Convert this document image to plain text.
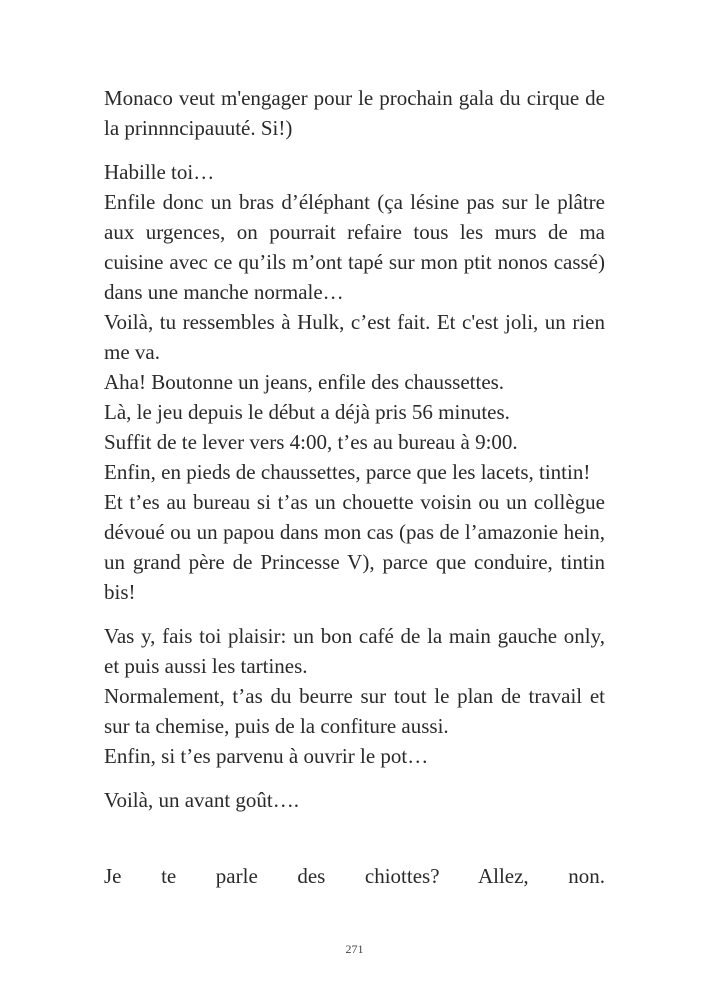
Monaco veut m'engager pour le prochain gala du cirque de la prinnncipauuté. Si!)

Habille toi…

Enfile donc un bras d’éléphant (ça lésine pas sur le plâtre aux urgences, on pourrait refaire tous les murs de ma cuisine avec ce qu’ils m’ont tapé sur mon ptit nonos cassé) dans une manche normale…

Voilà, tu ressembles à Hulk, c’est fait. Et c'est joli, un rien me va.

Aha! Boutonne un jeans, enfile des chaussettes.

Là, le jeu depuis le début a déjà pris 56 minutes.

Suffit de te lever vers 4:00, t’es au bureau à 9:00.

Enfin, en pieds de chaussettes, parce que les lacets, tintin!

Et t’es au bureau si t’as un chouette voisin ou un collègue dévoué ou un papou dans mon cas (pas de l’amazonie hein, un grand père de Princesse V), parce que conduire, tintin bis!

Vas y, fais toi plaisir: un bon café de la main gauche only, et puis aussi les tartines.

Normalement, t’as du beurre sur tout le plan de travail et sur ta chemise, puis de la confiture aussi.

Enfin, si t’es parvenu à ouvrir le pot…

Voilà, un avant goût….

Je te parle des chiottes? Allez, non.

271
